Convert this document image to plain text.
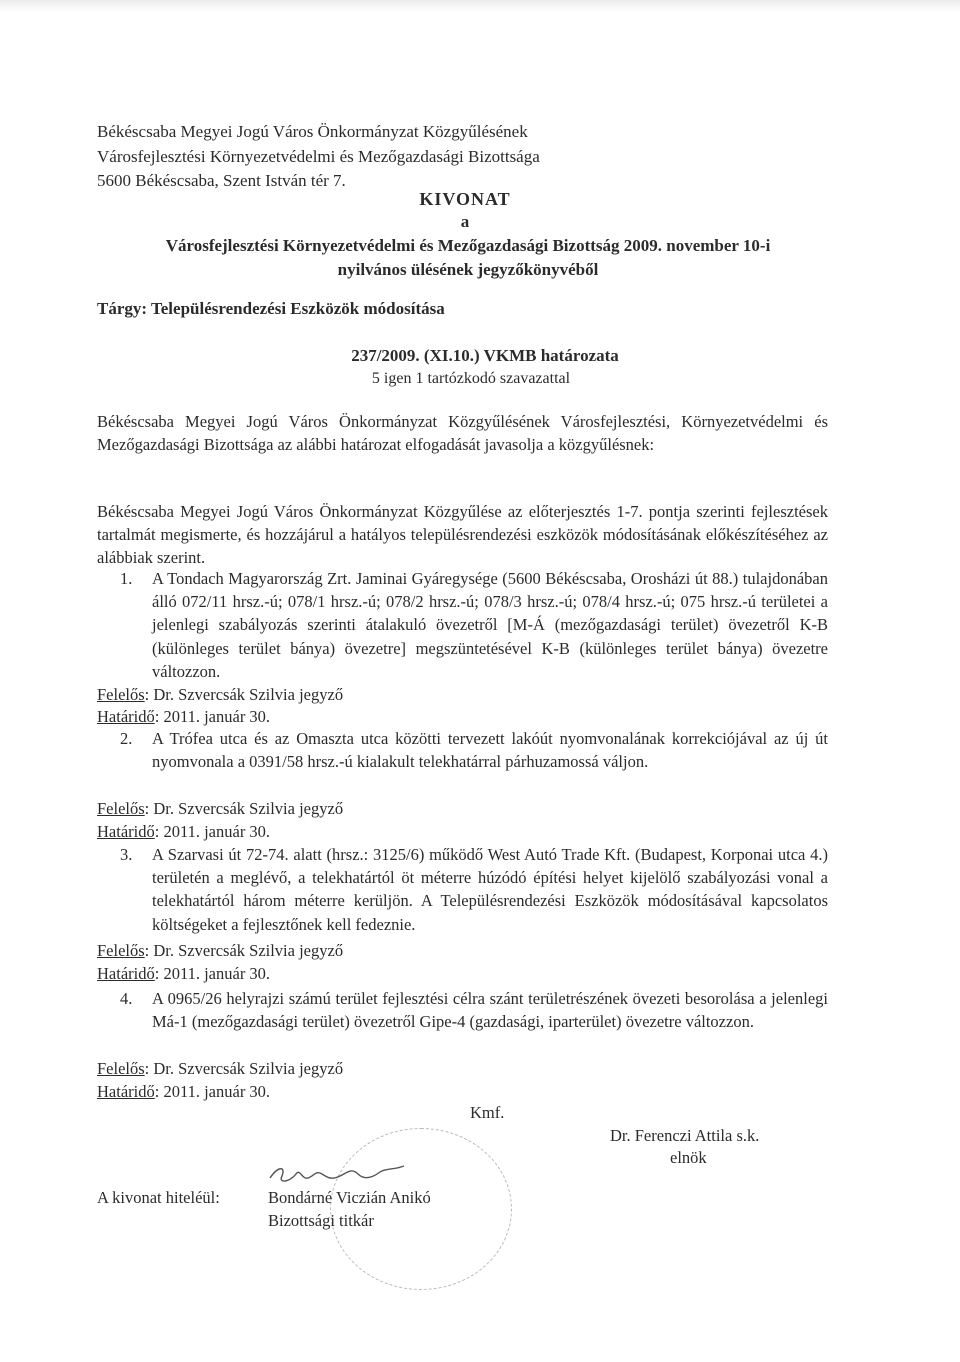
Békéscsaba Megyei Jogú Város Önkormányzat Közgyűlésének
Városfejlesztési Környezetvédelmi és Mezőgazdasági Bizottsága
5600 Békéscsaba, Szent István tér 7.
KIVONAT
a
Városfejlesztési Környezetvédelmi és Mezőgazdasági Bizottság 2009. november 10-i
nyilvános ülésének jegyzőkönyvéből
Tárgy: Településrendezési Eszközök módosítása
237/2009. (XI.10.) VKMB határozata
5 igen 1 tartózkodó szavazattal
Békéscsaba Megyei Jogú Város Önkormányzat Közgyűlésének Városfejlesztési, Környezetvédelmi és Mezőgazdasági Bizottsága az alábbi határozat elfogadását javasolja a közgyűlésnek:
Békéscsaba Megyei Jogú Város Önkormányzat Közgyűlése az előterjesztés 1-7. pontja szerinti fejlesztések tartalmát megismerte, és hozzájárul a hatályos településrendezési eszközök módosításának előkészítéséhez az alábbiak szerint.
1. A Tondach Magyarország Zrt. Jaminai Gyáregysége (5600 Békéscsaba, Orosházi út 88.) tulajdonában álló 072/11 hrsz.-ú; 078/1 hrsz.-ú; 078/2 hrsz.-ú; 078/3 hrsz.-ú; 078/4 hrsz.-ú; 075 hrsz.-ú területei a jelenlegi szabályozás szerinti átalakuló övezetről [M-Á (mezőgazdasági terület) övezetről K-B (különleges terület bánya) övezetre] megszüntetésével K-B (különleges terület bánya) övezetre változzon.
Felelős: Dr. Szvercsák Szilvia jegyző
Határidő: 2011. január 30.
2. A Trófea utca és az Omaszta utca közötti tervezett lakóút nyomvonalának korrekciójával az új út nyomvonala a 0391/58 hrsz.-ú kialakult telekhatárral párhuzamossá váljon.
Felelős: Dr. Szvercsák Szilvia jegyző
Határidő: 2011. január 30.
3. A Szarvasi út 72-74. alatt (hrsz.: 3125/6) működő West Autó Trade Kft. (Budapest, Korponai utca 4.) területén a meglévő, a telekhatártól öt méterre húzódó építési helyet kijelölő szabályozási vonal a telekhatártól három méterre kerüljön. A Településrendezési Eszközök módosításával kapcsolatos költségeket a fejlesztőnek kell fedeznie.
Felelős: Dr. Szvercsák Szilvia jegyző
Határidő: 2011. január 30.
4. A 0965/26 helyrajzi számú terület fejlesztési célra szánt területrészének övezeti besorolása a jelenlegi Má-1 (mezőgazdasági terület) övezetről Gipe-4 (gazdasági, iparterület) övezetre változzon.
Felelős: Dr. Szvercsák Szilvia jegyző
Határidő: 2011. január 30.
Kmf.
Dr. Ferenczi Attila s.k.
elnök
A kivonat hiteléül:	Bondárné Viczián Anikó
Bizottsági titkár
